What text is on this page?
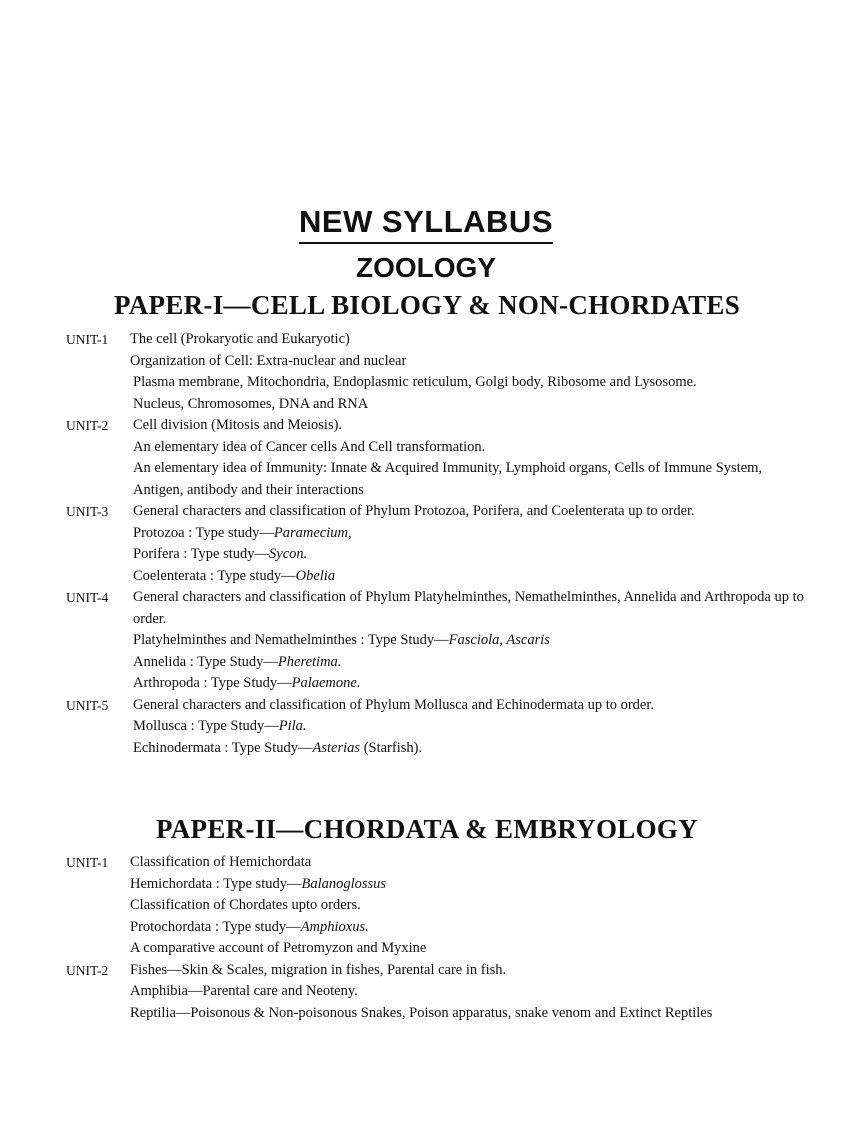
NEW SYLLABUS
ZOOLOGY
PAPER-I—CELL BIOLOGY & NON-CHORDATES
UNIT-1	The cell (Prokaryotic and Eukaryotic)
Organization of Cell: Extra-nuclear and nuclear
Plasma membrane, Mitochondria, Endoplasmic reticulum, Golgi body, Ribosome and Lysosome.
Nucleus, Chromosomes, DNA and RNA
UNIT-2	Cell division (Mitosis and Meiosis).
An elementary idea of Cancer cells And Cell transformation.
An elementary idea of Immunity: Innate & Acquired Immunity, Lymphoid organs, Cells of Immune System, Antigen, antibody and their interactions
UNIT-3	General characters and classification of Phylum Protozoa, Porifera, and Coelenterata up to order.
Protozoa : Type study—Paramecium,
Porifera : Type study—Sycon.
Coelenterata : Type study—Obelia
UNIT-4	General characters and classification of Phylum Platyhelminthes, Nemathelminthes, Annelida and Arthropoda up to order.
Platyhelminthes and Nemathelminthes : Type Study—Fasciola, Ascaris
Annelida : Type Study—Pheretima.
Arthropoda : Type Study—Palaemone.
UNIT-5	General characters and classification of Phylum Mollusca and Echinodermata up to order.
Mollusca : Type Study—Pila.
Echinodermata : Type Study—Asterias (Starfish).
PAPER-II—CHORDATA & EMBRYOLOGY
UNIT-1	Classification of Hemichordata
Hemichordata : Type study—Balanoglossus
Classification of Chordates upto orders.
Protochordata : Type study—Amphioxus.
A comparative account of Petromyzon and Myxine
UNIT-2	Fishes—Skin & Scales, migration in fishes, Parental care in fish.
Amphibia—Parental care and Neoteny.
Reptilia—Poisonous & Non-poisonous Snakes, Poison apparatus, snake venom and Extinct Reptiles
